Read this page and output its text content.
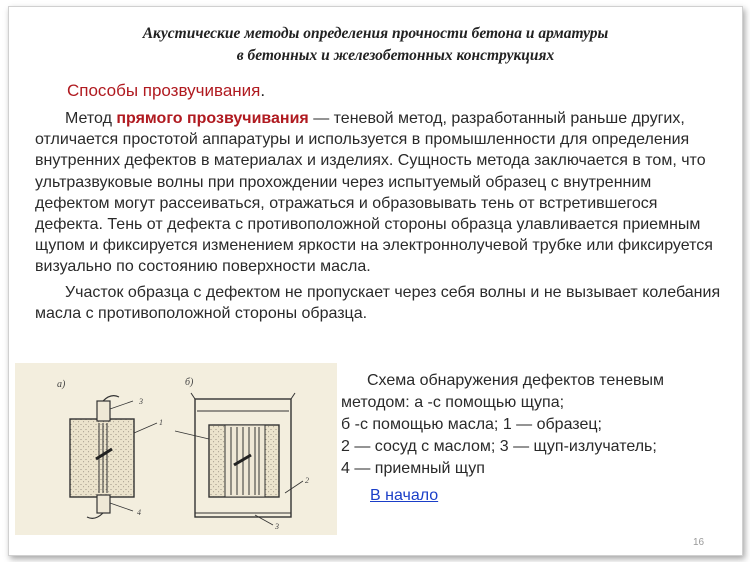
Акустические методы определения прочности бетона и арматуры
в бетонных и железобетонных конструкциях
Способы прозвучивания.

Метод прямого прозвучивания — теневой метод, разработанный раньше других, отличается простотой аппаратуры и используется в промышленности для определения внутренних дефектов в материалах и изделиях. Сущность метода заключается в том, что ультразвуковые волны при прохождении через испытуемый образец с внутренним дефектом могут рассеиваться, отражаться и образовывать тень от встретившегося дефекта. Тень от дефекта с противоположной стороны образца улавливается приемным щупом и фиксируется изменением яркости на электроннолучевой трубке или фиксируется визуально по состоянию поверхности масла.

Участок образца с дефектом не пропускает через себя волны и не вызывает колебания масла с противоположной стороны образца.

а)	б)
3
1
4
2
3
Схема обнаружения дефектов теневым
методом: а -с помощью щупа;
б -с помощью масла; 1 — образец;
2 — сосуд с маслом; 3 — щуп-излучатель;
4 — приемный щуп
В начало
16
